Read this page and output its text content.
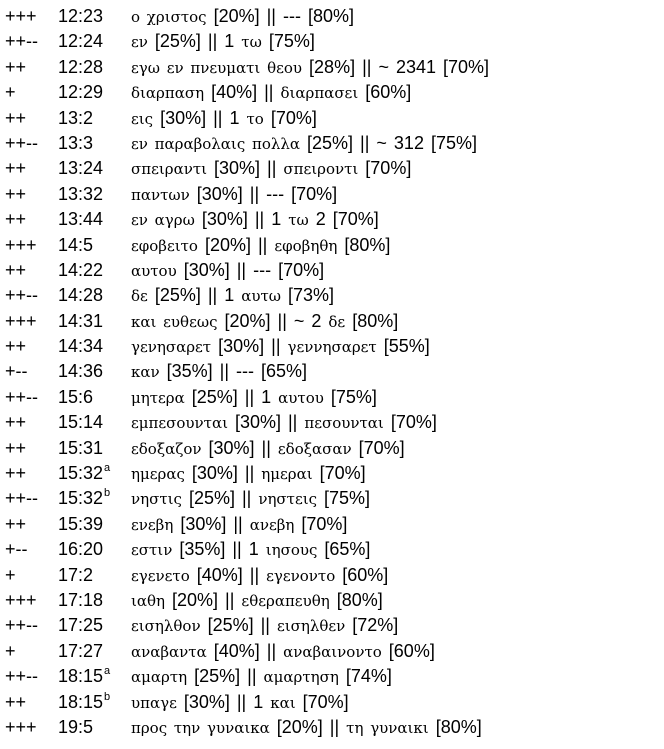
+++	12:23	ο χριστος [20%] || --- [80%]
++--	12:24	εν [25%] || 1 τω [75%]
++	12:28	εγω εν πνευματι θεου [28%] || ~ 2341 [70%]
+	12:29	διαρπαση [40%] || διαρπασει [60%]
++	13:2	εις [30%] || 1 το [70%]
++--	13:3	εν παραβολαις πολλα [25%] || ~ 312 [75%]
++	13:24	σπειραντι [30%] || σπειροντι [70%]
++	13:32	παντων [30%] || --- [70%]
++	13:44	εν αγρω [30%] || 1 τω 2 [70%]
+++	14:5	εφοβειτο [20%] || εφοβηθη [80%]
++	14:22	αυτου [30%] || --- [70%]
++--	14:28	δε [25%] || 1 αυτω [73%]
+++	14:31	και ευθεως [20%] || ~ 2 δε [80%]
++	14:34	γενησαρετ [30%] || γεννησαρετ [55%]
+--	14:36	καν [35%] || --- [65%]
++--	15:6	μητερα [25%] || 1 αυτου [75%]
++	15:14	εμπεσουνται [30%] || πεσουνται [70%]
++	15:31	εδοξαζον [30%] || εδοξασαν [70%]
++	$15:32^a$	ημερας [30%] || ημεραι [70%]
++--	15:32$^b$	νηστις [25%] || νηστεις [75%]
++	15:39	ενεβη [30%] || ανεβη [70%]
+--	16:20	εστιν [35%] || 1 ιησους [65%]
+	17:2	εγενετο [40%] || εγενοντο [60%]
+++	17:18	ιαθη [20%] || εθεραπευθη [80%]
++--	17:25	εισηλθον [25%] || εισηλθεν [72%]
+	17:27	αναβαντα [40%] || αναβαινοντο [60%]
++--	18:15$^a$	αμαρτη [25%] || αμαρτηση [74%]
++	$18:15^b$	υπαγε [30%] || 1 και [70%]
+++	19:5	προς την γυναικα [20%] || τη γυναικι [80%]
